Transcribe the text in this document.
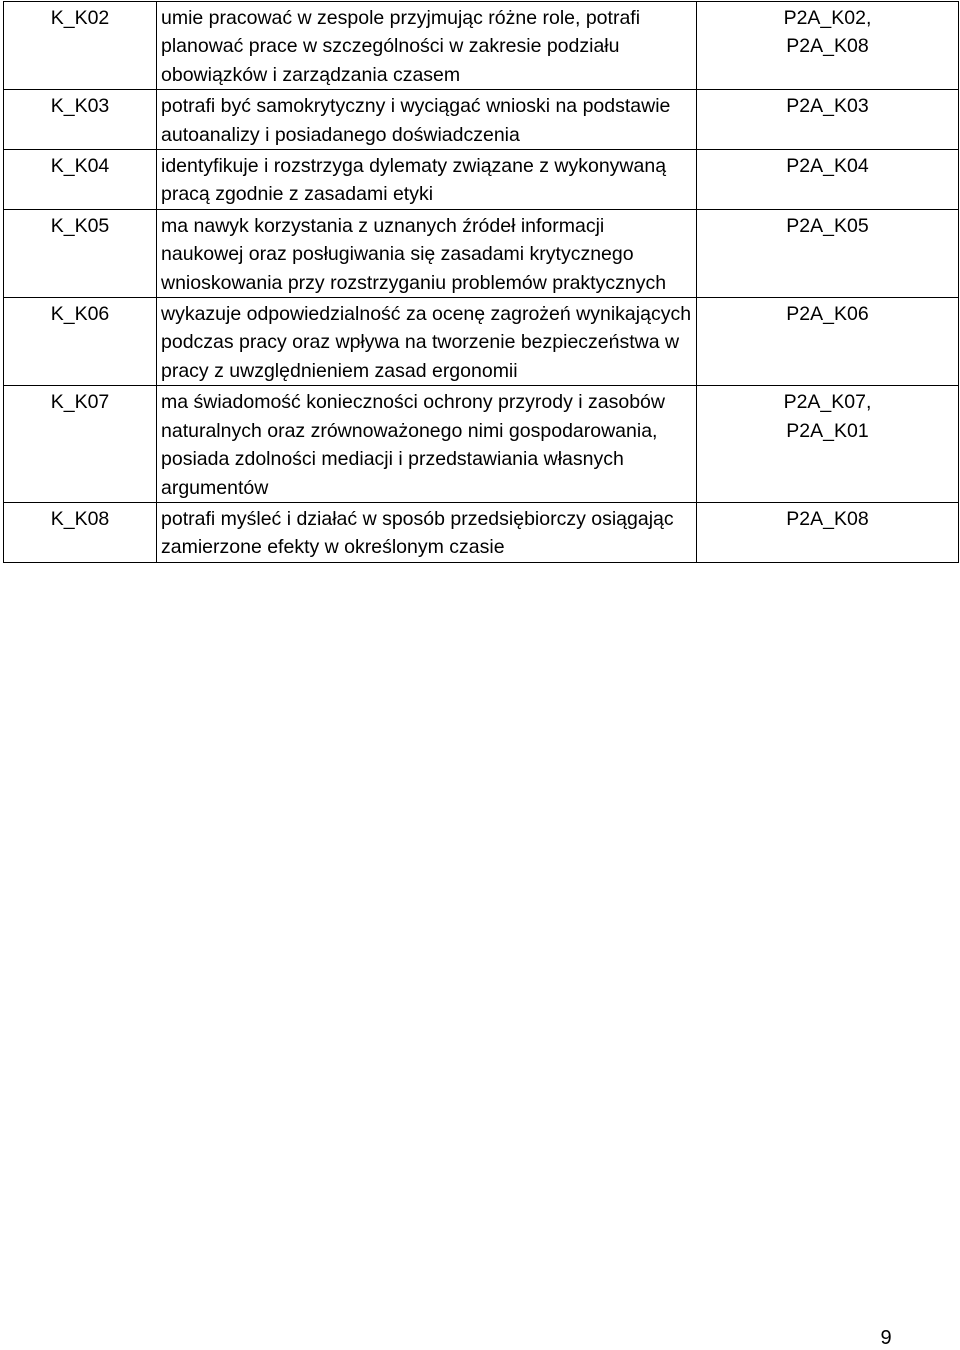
K_K02	umie pracować w zespole przyjmując różne role, potrafi planować prace w szczególności w zakresie podziału obowiązków i zarządzania czasem	P2A_K02,
P2A_K08

K_K03	potrafi być samokrytyczny i wyciągać wnioski na podstawie autoanalizy i posiadanego doświadczenia	P2A_K03

K_K04	identyfikuje i rozstrzyga dylematy związane z wykonywaną pracą zgodnie z zasadami etyki	P2A_K04

K_K05	ma nawyk korzystania z uznanych źródeł informacji naukowej oraz posługiwania się zasadami krytycznego wnioskowania przy rozstrzyganiu problemów praktycznych	P2A_K05

K_K06	wykazuje odpowiedzialność za ocenę zagrożeń wynikających podczas pracy oraz wpływa na tworzenie bezpieczeństwa w pracy z uwzględnieniem zasad ergonomii	P2A_K06

K_K07	ma świadomość konieczności ochrony przyrody i zasobów naturalnych oraz zrównoważonego nimi gospodarowania, posiada zdolności mediacji i przedstawiania własnych argumentów	P2A_K07,
P2A_K01

K_K08	potrafi myśleć i działać w sposób przedsiębiorczy osiągając zamierzone efekty w określonym czasie	P2A_K08
9
